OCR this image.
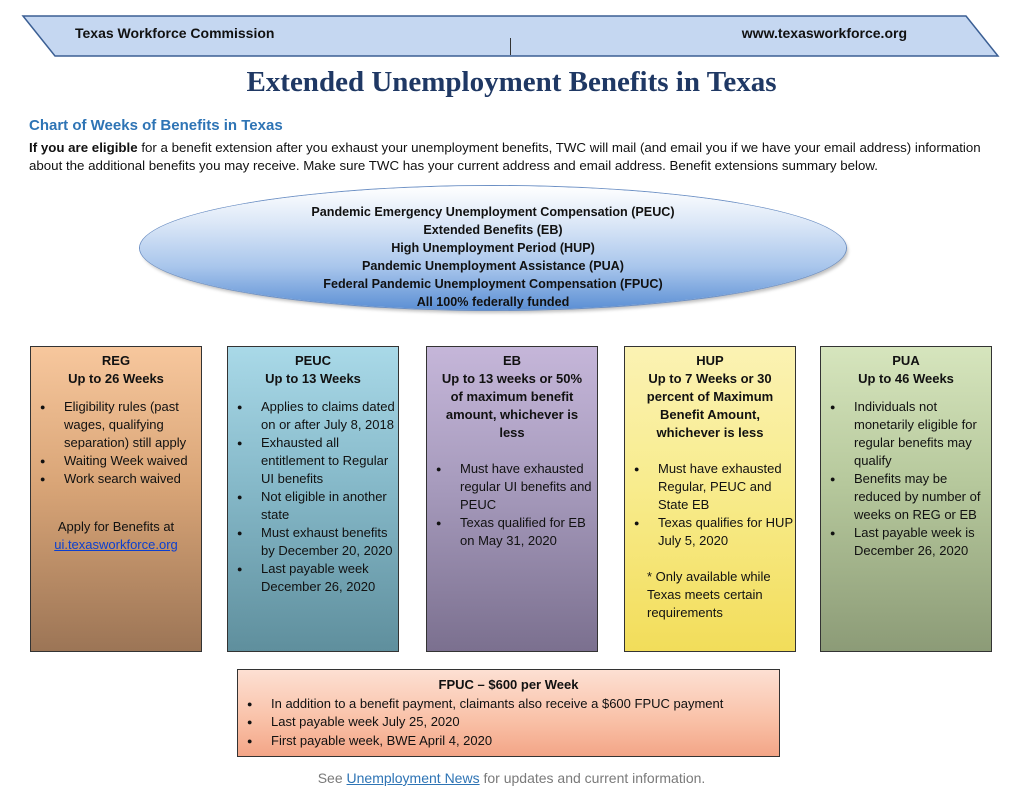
Texas Workforce Commission	www.texasworkforce.org
Extended Unemployment Benefits in Texas
Chart of Weeks of Benefits in Texas
If you are eligible for a benefit extension after you exhaust your unemployment benefits, TWC will mail (and email you if we have your email address) information about the additional benefits you may receive. Make sure TWC has your current address and email address. Benefit extensions summary below.
Pandemic Emergency Unemployment Compensation (PEUC)
Extended Benefits (EB)
High Unemployment Period (HUP)
Pandemic Unemployment Assistance (PUA)
Federal Pandemic Unemployment Compensation (FPUC)
All 100% federally funded
REG
Up to 26 Weeks
● Eligibility rules (past wages, qualifying separation) still apply
● Waiting Week waived
● Work search waived
Apply for Benefits at
ui.texasworkforce.org
PEUC
Up to 13 Weeks
● Applies to claims dated on or after July 8, 2018
● Exhausted all entitlement to Regular UI benefits
● Not eligible in another state
● Must exhaust benefits by December 20, 2020
● Last payable week December 26, 2020
EB
Up to 13 weeks or 50% of maximum benefit amount, whichever is less
● Must have exhausted regular UI benefits and PEUC
● Texas qualified for EB on May 31, 2020
HUP
Up to 7 Weeks or 30 percent of Maximum Benefit Amount, whichever is less
● Must have exhausted Regular, PEUC and State EB
● Texas qualifies for HUP July 5, 2020
* Only available while Texas meets certain requirements
PUA
Up to 46 Weeks
● Individuals not monetarily eligible for regular benefits may qualify
● Benefits may be reduced by number of weeks on REG or EB
● Last payable week is December 26, 2020
FPUC – $600 per Week
● In addition to a benefit payment, claimants also receive a $600 FPUC payment
● Last payable week July 25, 2020
● First payable week, BWE April 4, 2020
See Unemployment News for updates and current information.
